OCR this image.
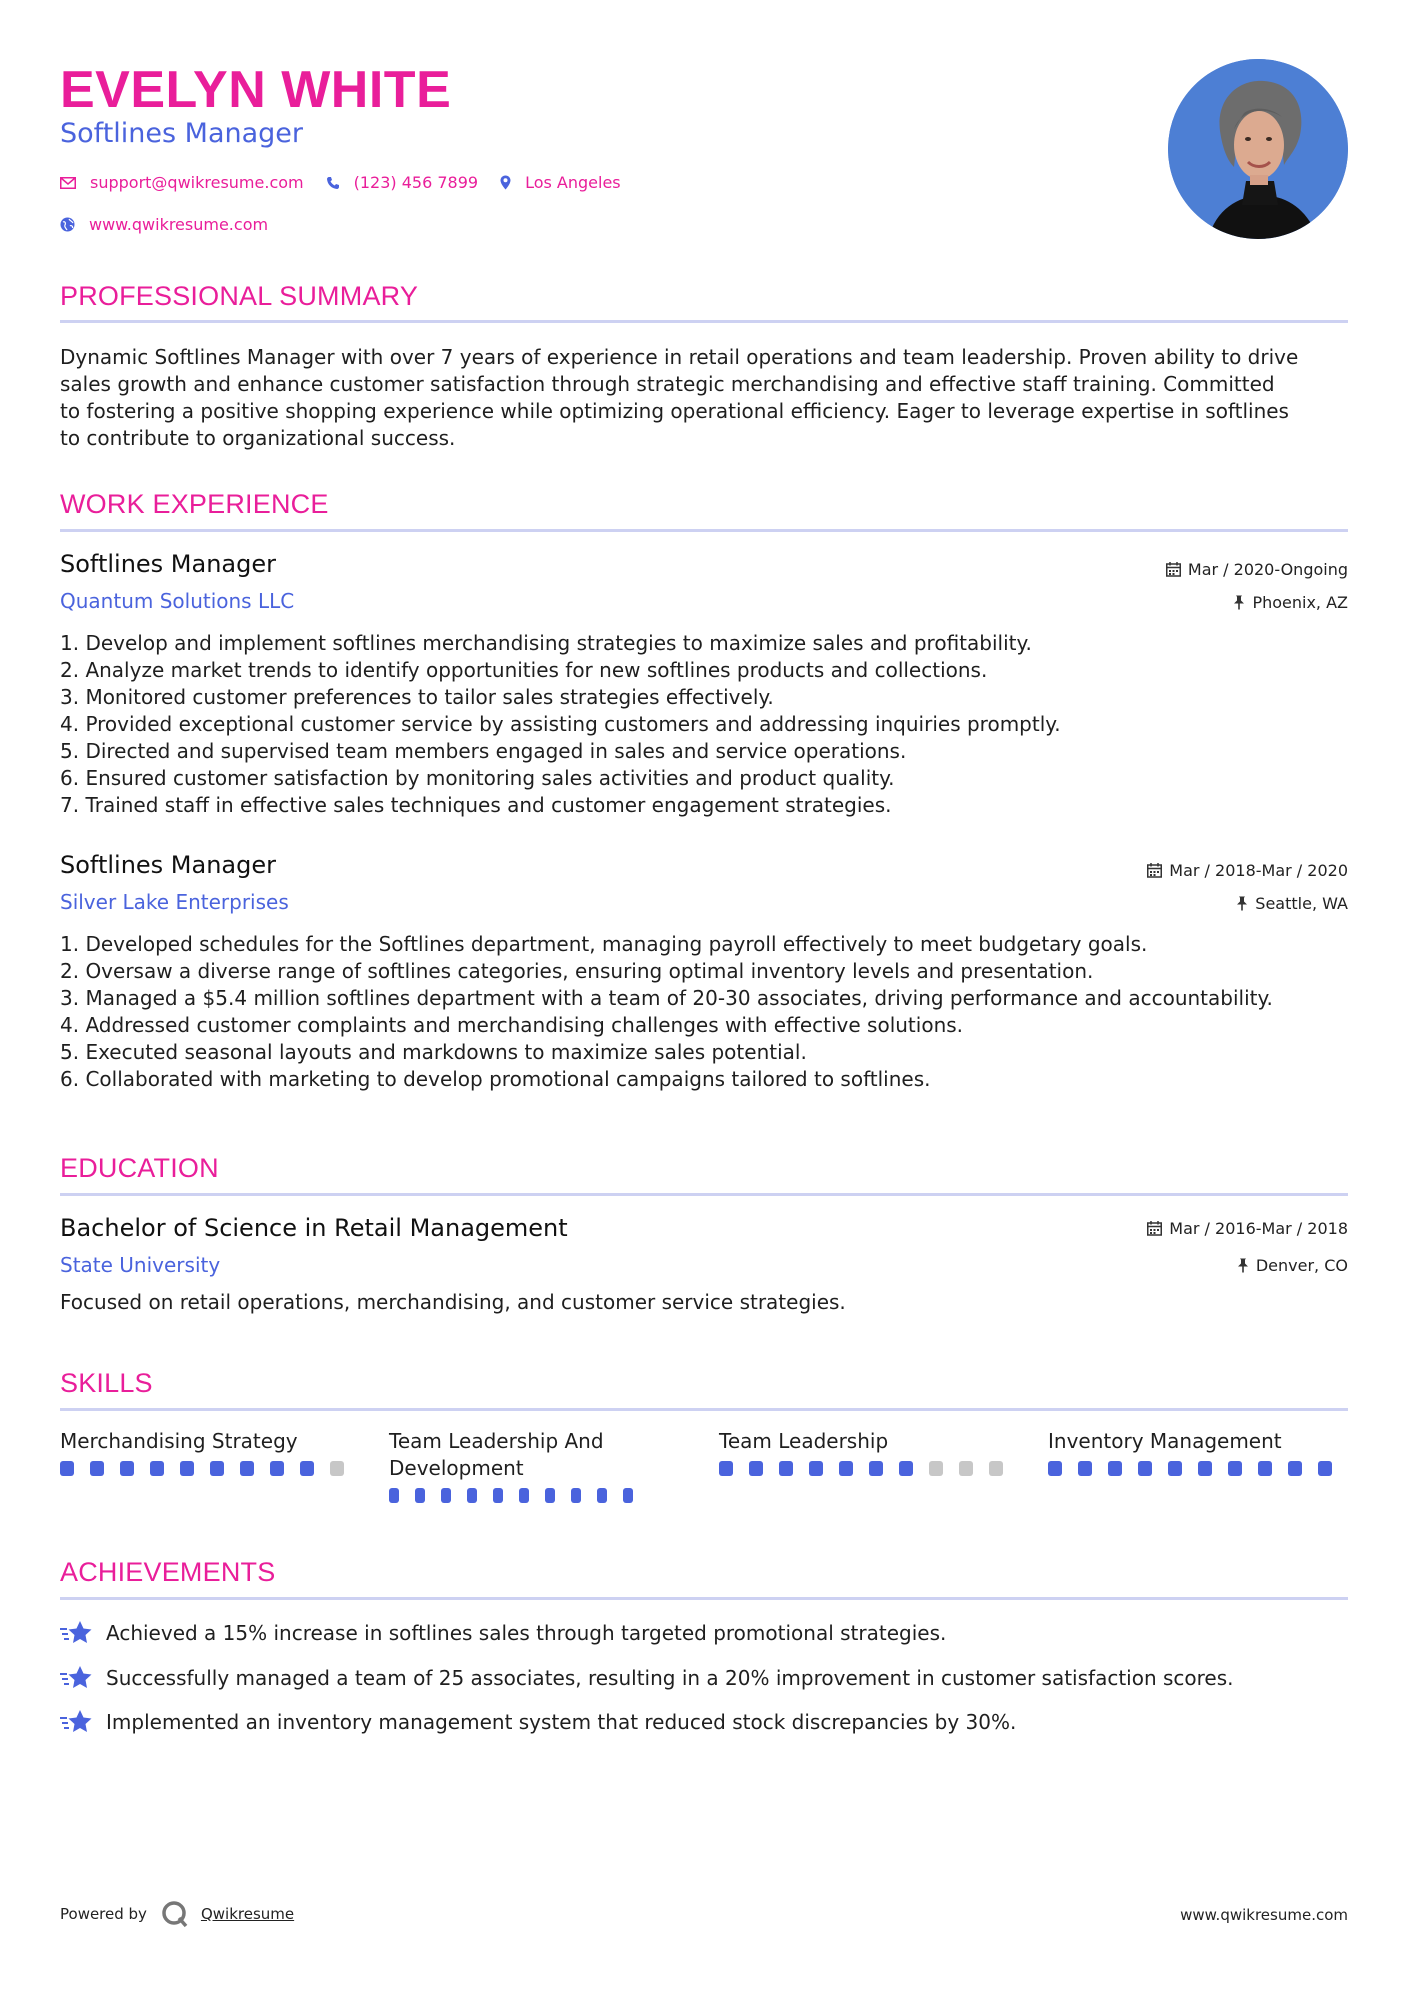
EVELYN WHITE
Softlines Manager
support@qwikresume.com	(123) 456 7899	Los Angeles
www.qwikresume.com
PROFESSIONAL SUMMARY
Dynamic Softlines Manager with over 7 years of experience in retail operations and team leadership. Proven ability to drive
sales growth and enhance customer satisfaction through strategic merchandising and effective staff training. Committed
to fostering a positive shopping experience while optimizing operational efficiency. Eager to leverage expertise in softlines
to contribute to organizational success.
WORK EXPERIENCE
Softlines Manager
Quantum Solutions LLC
Mar / 2020-Ongoing
Phoenix, AZ
1. Develop and implement softlines merchandising strategies to maximize sales and profitability.
2. Analyze market trends to identify opportunities for new softlines products and collections.
3. Monitored customer preferences to tailor sales strategies effectively.
4. Provided exceptional customer service by assisting customers and addressing inquiries promptly.
5. Directed and supervised team members engaged in sales and service operations.
6. Ensured customer satisfaction by monitoring sales activities and product quality.
7. Trained staff in effective sales techniques and customer engagement strategies.
Softlines Manager
Silver Lake Enterprises
Mar / 2018-Mar / 2020
Seattle, WA
1. Developed schedules for the Softlines department, managing payroll effectively to meet budgetary goals.
2. Oversaw a diverse range of softlines categories, ensuring optimal inventory levels and presentation.
3. Managed a $5.4 million softlines department with a team of 20-30 associates, driving performance and accountability.
4. Addressed customer complaints and merchandising challenges with effective solutions.
5. Executed seasonal layouts and markdowns to maximize sales potential.
6. Collaborated with marketing to develop promotional campaigns tailored to softlines.
EDUCATION
Bachelor of Science in Retail Management
State University
Mar / 2016-Mar / 2018
Denver, CO
Focused on retail operations, merchandising, and customer service strategies.
SKILLS
Merchandising Strategy	Team Leadership And Development
Team Leadership	Inventory Management
ACHIEVEMENTS
Achieved a 15% increase in softlines sales through targeted promotional strategies.
Successfully managed a team of 25 associates, resulting in a 20% improvement in customer satisfaction scores.
Implemented an inventory management system that reduced stock discrepancies by 30%.
Powered by	Qwikresume	www.qwikresume.com
